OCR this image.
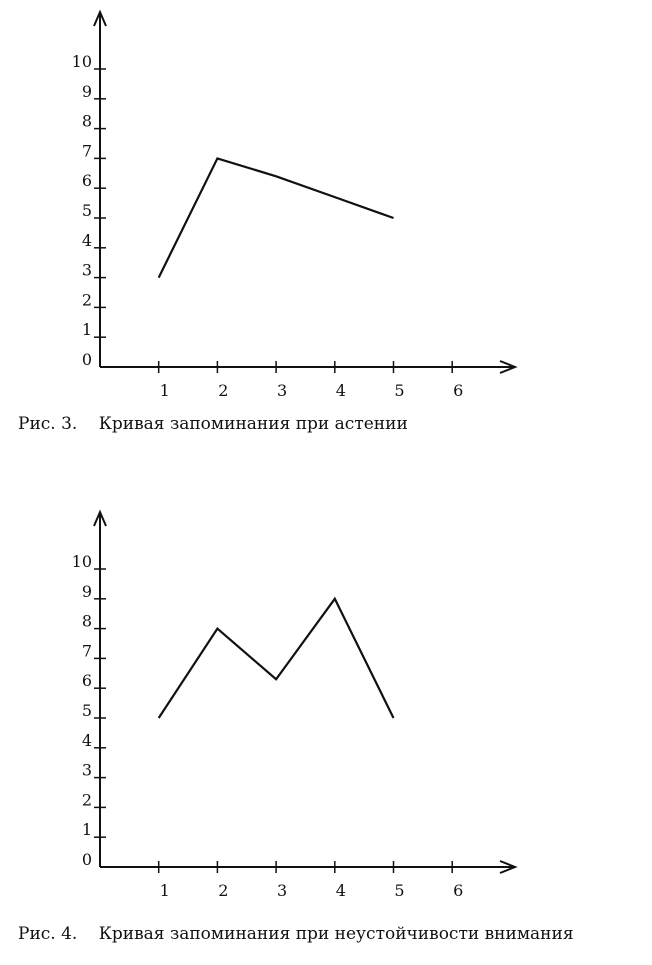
0
1
2
3
4
5
6
7
8
9
10
1	2	3	4	5	6
Рис. 3. Кривая запоминания при астении
0
1
2
3
4
5
6
7
8
9
10
1	2	3	4	5	6
Рис. 4. Кривая запоминания при неустойчивости внимания
